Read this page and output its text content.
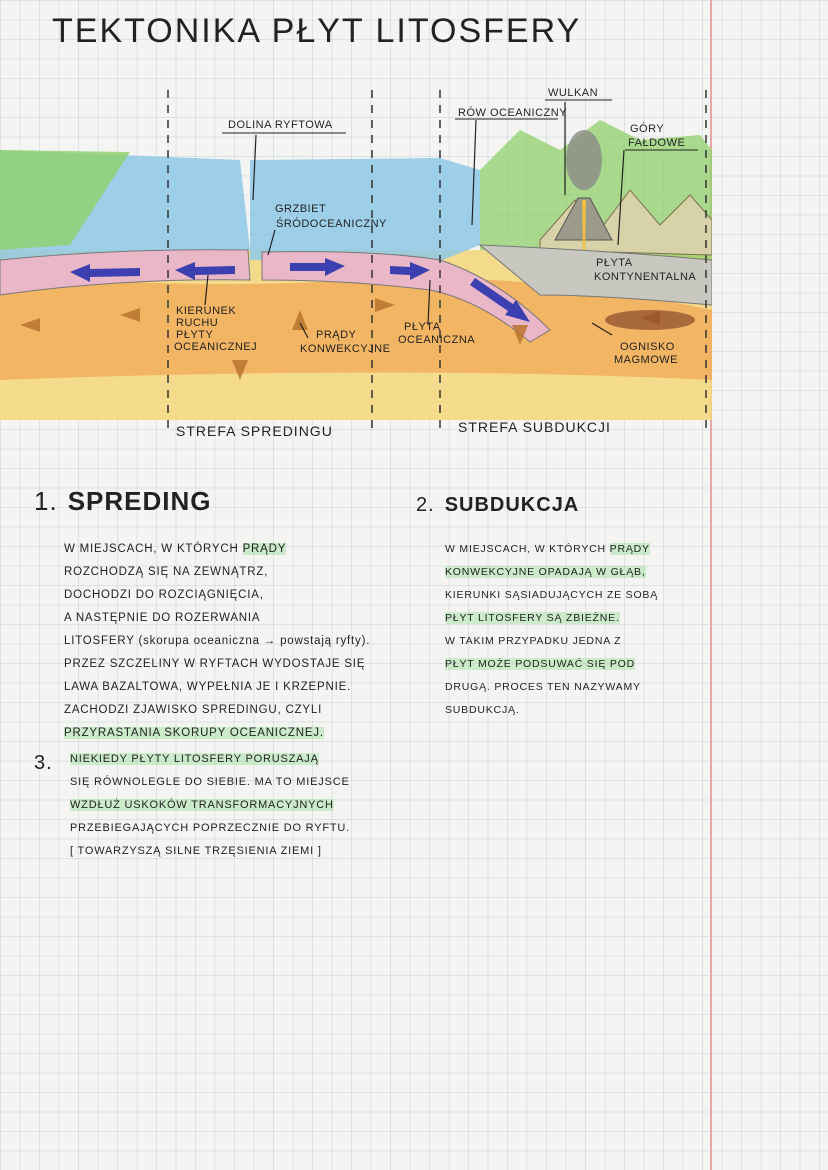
TEKTONIKA PŁYT LITOSFERY
DOLINA RYFTOWA
GRZBIET
ŚRÓDOCEANICZNY
RÓW OCEANICZNY
WULKAN
GÓRY
FAŁDOWE
PŁYTA
KONTYNENTALNA
KIERUNEK
RUCHU
PŁYTY
OCEANICZNEJ
PRĄDY
KONWEKCYJNE
PŁYTA
OCEANICZNA
OGNISKO
MAGMOWE
STREFA SPREDINGU	STREFA SUBDUKCJI
1. SPREDING
W MIEJSCACH, W KTÓRYCH PRĄDY
ROZCHODZĄ SIĘ NA ZEWNĄTRZ,
DOCHODZI DO ROZCIĄGNIĘCIA,
A NASTĘPNIE DO ROZERWANIA
LITOSFERY (skorupa oceaniczna → powstają ryfty).
PRZEZ SZCZELINY W RYFTACH WYDOSTAJE SIĘ
LAWA BAZALTOWA, WYPEŁNIA JE I KRZEPNIE.
ZACHODZI ZJAWISKO SPREDINGU, CZYLI
PRZYRASTANIA SKORUPY OCEANICZNEJ.
2. SUBDUKCJA
W MIEJSCACH, W KTÓRYCH PRĄDY
KONWEKCYJNE OPADAJĄ W GŁĄB,
KIERUNKI SĄSIADUJĄCYCH ZE SOBĄ
PŁYT LITOSFERY SĄ ZBIEŻNE.
W TAKIM PRZYPADKU JEDNA Z
PŁYT MOŻE PODSUWAĆ SIĘ POD
DRUGĄ. PROCES TEN NAZYWAMY
SUBDUKCJĄ.
3.	NIEKIEDY PŁYTY LITOSFERY PORUSZAJĄ
SIĘ RÓWNOLEGLE DO SIEBIE. MA TO MIEJSCE
WZDŁUŻ USKOKÓW TRANSFORMACYJNYCH
PRZEBIEGAJĄCYCH POPRZECZNIE DO RYFTU.
[ TOWARZYSZĄ SILNE TRZĘSIENIA ZIEMI ]
